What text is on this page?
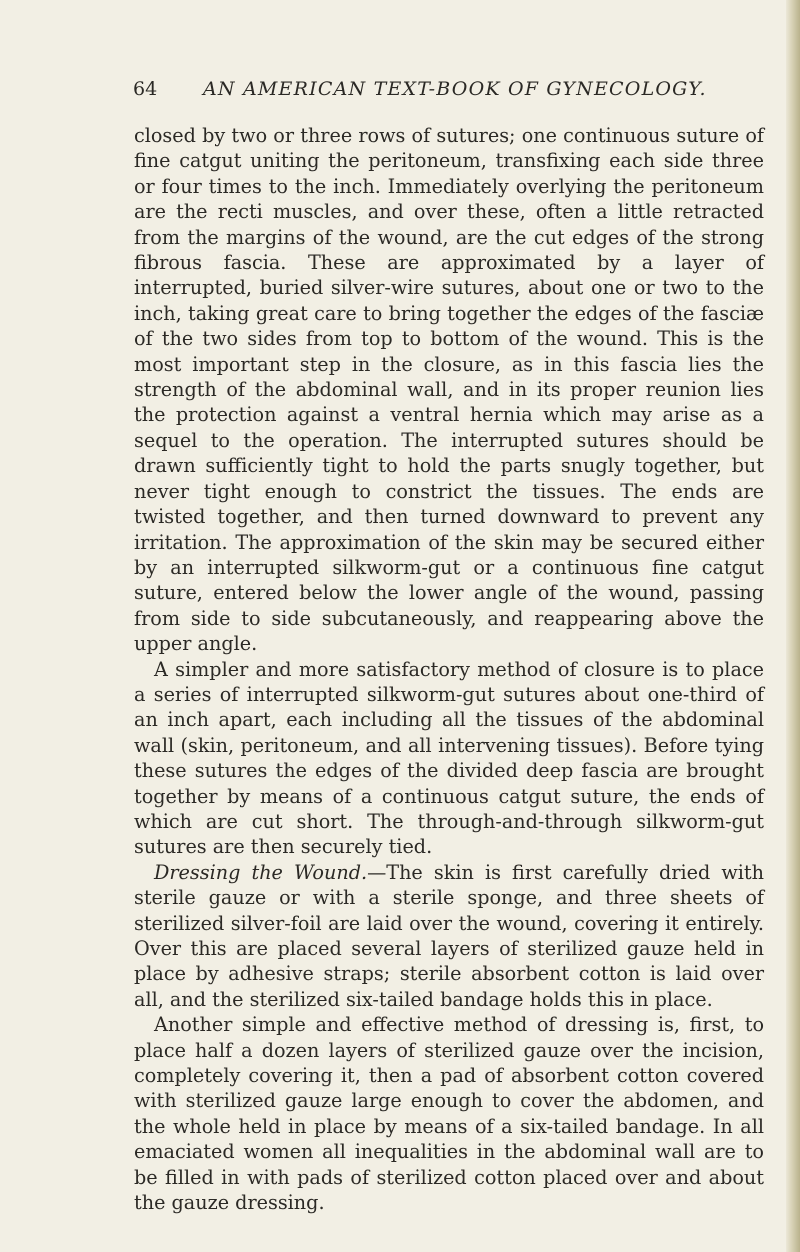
64 AN AMERICAN TEXT-BOOK OF GYNECOLOGY.

closed by two or three rows of sutures; one continuous suture of fine catgut uniting the peritoneum, transfixing each side three or four times to the inch. Immediately overlying the peritoneum are the recti muscles, and over these, often a little retracted from the margins of the wound, are the cut edges of the strong fibrous fascia. These are approximated by a layer of interrupted, buried silver-wire sutures, about one or two to the inch, taking great care to bring together the edges of the fasciæ of the two sides from top to bottom of the wound. This is the most important step in the closure, as in this fascia lies the strength of the abdominal wall, and in its proper reunion lies the protection against a ventral hernia which may arise as a sequel to the operation. The interrupted sutures should be drawn sufficiently tight to hold the parts snugly together, but never tight enough to constrict the tissues. The ends are twisted together, and then turned downward to prevent any irritation. The approximation of the skin may be secured either by an interrupted silkworm-gut or a continuous fine catgut suture, entered below the lower angle of the wound, passing from side to side subcutaneously, and reappearing above the upper angle.

A simpler and more satisfactory method of closure is to place a series of interrupted silkworm-gut sutures about one-third of an inch apart, each including all the tissues of the abdominal wall (skin, peritoneum, and all intervening tissues). Before tying these sutures the edges of the divided deep fascia are brought together by means of a continuous catgut suture, the ends of which are cut short. The through-and-through silkworm-gut sutures are then securely tied.

Dressing the Wound.—The skin is first carefully dried with sterile gauze or with a sterile sponge, and three sheets of sterilized silver-foil are laid over the wound, covering it entirely. Over this are placed several layers of sterilized gauze held in place by adhesive straps; sterile absorbent cotton is laid over all, and the sterilized six-tailed bandage holds this in place.

Another simple and effective method of dressing is, first, to place half a dozen layers of sterilized gauze over the incision, completely covering it, then a pad of absorbent cotton covered with sterilized gauze large enough to cover the abdomen, and the whole held in place by means of a six-tailed bandage. In all emaciated women all inequalities in the abdominal wall are to be filled in with pads of sterilized cotton placed over and about the gauze dressing.
